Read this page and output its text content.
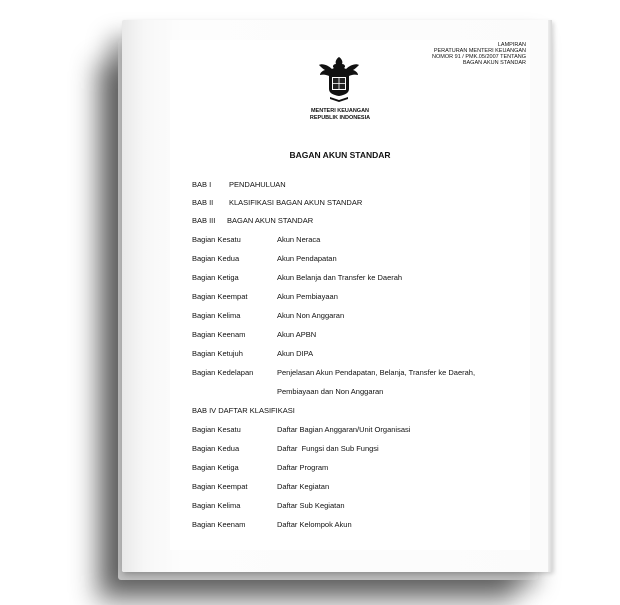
LAMPIRAN
PERATURAN MENTERI KEUANGAN
NOMOR 91 / PMK.05/2007 TENTANG
BAGAN AKUN STANDAR
MENTERI KEUANGAN
REPUBLIK INDONESIA
BAGAN AKUN STANDAR
BAB I PENDAHULUAN
BAB II KLASIFIKASI BAGAN AKUN STANDAR
BAB III BAGAN AKUN STANDAR
Bagian Kesatu	Akun Neraca
Bagian Kedua	Akun Pendapatan
Bagian Ketiga	Akun Belanja dan Transfer ke Daerah
Bagian Keempat	Akun Pembiayaan
Bagian Kelima	Akun Non Anggaran
Bagian Keenam	Akun APBN
Bagian Ketujuh	Akun DIPA
Bagian Kedelapan	Penjelasan Akun Pendapatan, Belanja, Transfer ke Daerah,
Pembiayaan dan Non Anggaran
BAB IV DAFTAR KLASIFIKASI
Bagian Kesatu	Daftar Bagian Anggaran/Unit Organisasi
Bagian Kedua	Daftar  Fungsi dan Sub Fungsi
Bagian Ketiga	Daftar Program
Bagian Keempat	Daftar Kegiatan
Bagian Kelima	Daftar Sub Kegiatan
Bagian Keenam	Daftar Kelompok Akun
